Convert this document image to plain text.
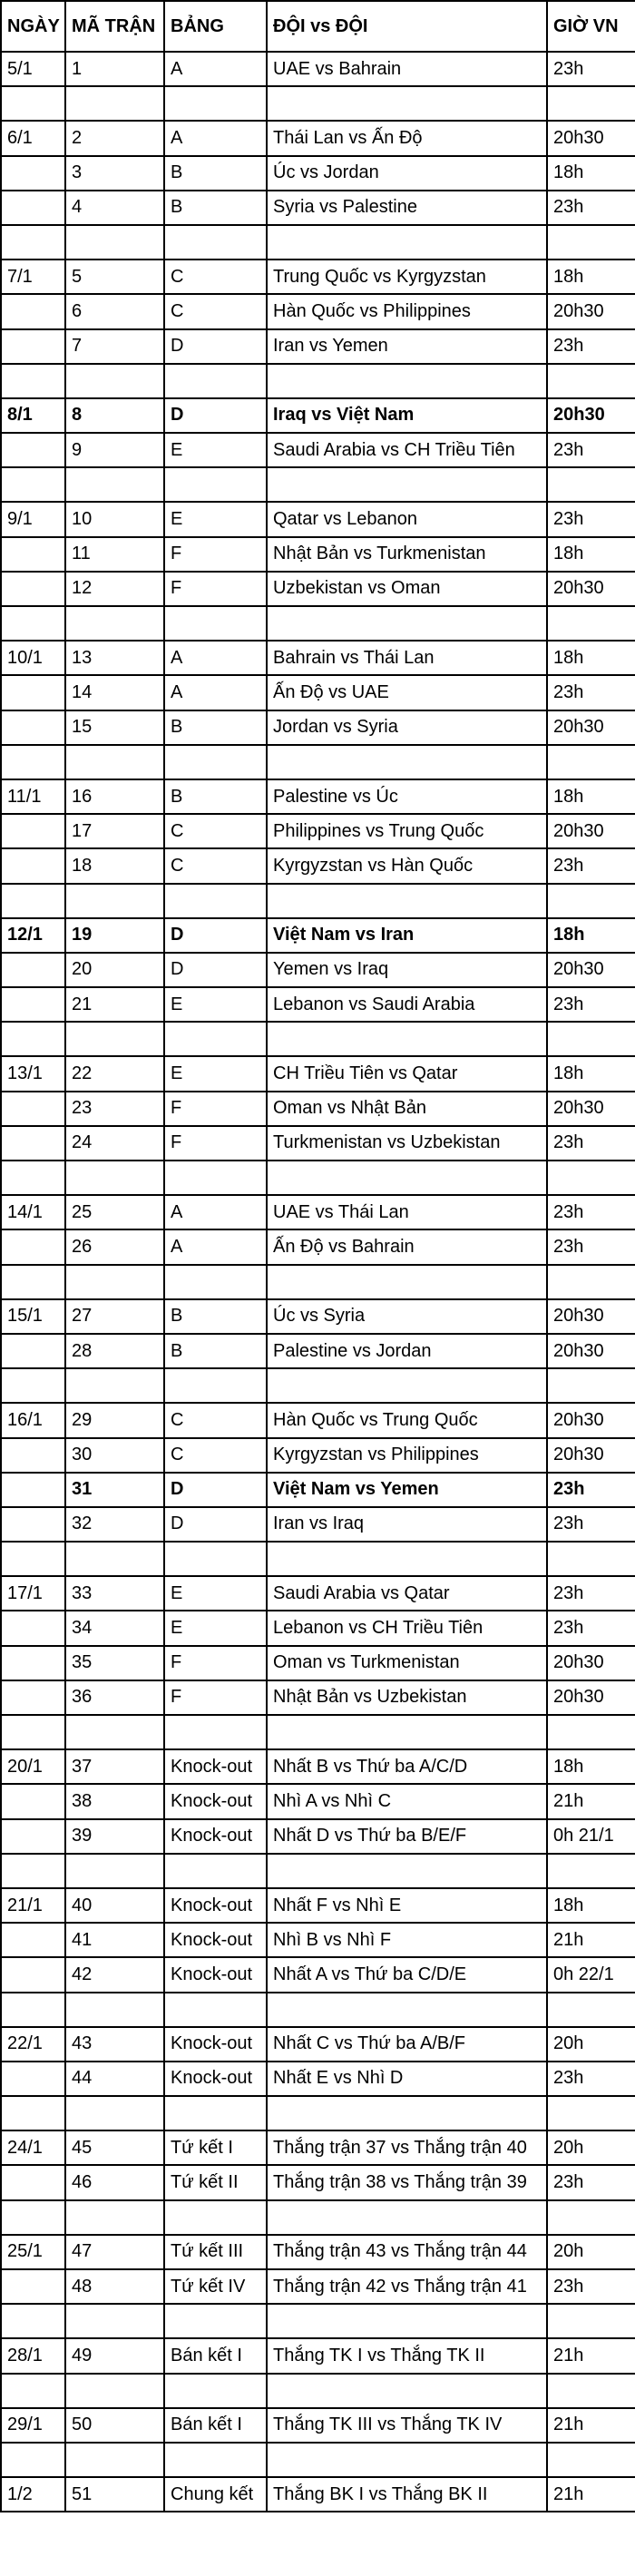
NGÀY	MÃ TRẬN	BẢNG	ĐỘI vs ĐỘI	GIỜ VN
5/1	1	A	UAE vs Bahrain	23h

6/1	2	A	Thái Lan vs Ấn Độ	20h30
	3	B	Úc vs Jordan	18h
	4	B	Syria vs Palestine	23h

7/1	5	C	Trung Quốc vs Kyrgyzstan	18h
	6	C	Hàn Quốc vs Philippines	20h30
	7	D	Iran vs Yemen	23h

8/1	8	D	Iraq vs Việt Nam	20h30
	9	E	Saudi Arabia vs CH Triều Tiên	23h

9/1	10	E	Qatar vs Lebanon	23h
	11	F	Nhật Bản vs Turkmenistan	18h
	12	F	Uzbekistan vs Oman	20h30

10/1	13	A	Bahrain vs Thái Lan	18h
	14	A	Ấn Độ vs UAE	23h
	15	B	Jordan vs Syria	20h30

11/1	16	B	Palestine vs Úc	18h
	17	C	Philippines vs Trung Quốc	20h30
	18	C	Kyrgyzstan vs Hàn Quốc	23h

12/1	19	D	Việt Nam vs Iran	18h
	20	D	Yemen vs Iraq	20h30
	21	E	Lebanon vs Saudi Arabia	23h

13/1	22	E	CH Triều Tiên vs Qatar	18h
	23	F	Oman vs Nhật Bản	20h30
	24	F	Turkmenistan vs Uzbekistan	23h

14/1	25	A	UAE vs Thái Lan	23h
	26	A	Ấn Độ vs Bahrain	23h

15/1	27	B	Úc vs Syria	20h30
	28	B	Palestine vs Jordan	20h30

16/1	29	C	Hàn Quốc vs Trung Quốc	20h30
	30	C	Kyrgyzstan vs Philippines	20h30
	31	D	Việt Nam vs Yemen	23h
	32	D	Iran vs Iraq	23h

17/1	33	E	Saudi Arabia vs Qatar	23h
	34	E	Lebanon vs CH Triều Tiên	23h
	35	F	Oman vs Turkmenistan	20h30
	36	F	Nhật Bản vs Uzbekistan	20h30

20/1	37	Knock-out	Nhất B vs Thứ ba A/C/D	18h
	38	Knock-out	Nhì A vs Nhì C	21h
	39	Knock-out	Nhất D vs Thứ ba B/E/F	0h 21/1

21/1	40	Knock-out	Nhất F vs Nhì E	18h
	41	Knock-out	Nhì B vs Nhì F	21h
	42	Knock-out	Nhất A vs Thứ ba C/D/E	0h 22/1

22/1	43	Knock-out	Nhất C vs Thứ ba A/B/F	20h
	44	Knock-out	Nhất E vs Nhì D	23h

24/1	45	Tứ kết I	Thắng trận 37 vs Thắng trận 40	20h
	46	Tứ kết II	Thắng trận 38 vs Thắng trận 39	23h

25/1	47	Tứ kết III	Thắng trận 43 vs Thắng trận 44	20h
	48	Tứ kết IV	Thắng trận 42 vs Thắng trận 41	23h

28/1	49	Bán kết I	Thắng TK I vs Thắng TK II	21h

29/1	50	Bán kết I	Thắng TK III vs Thắng TK IV	21h

1/2	51	Chung kết	Thắng BK I vs Thắng BK II	21h
